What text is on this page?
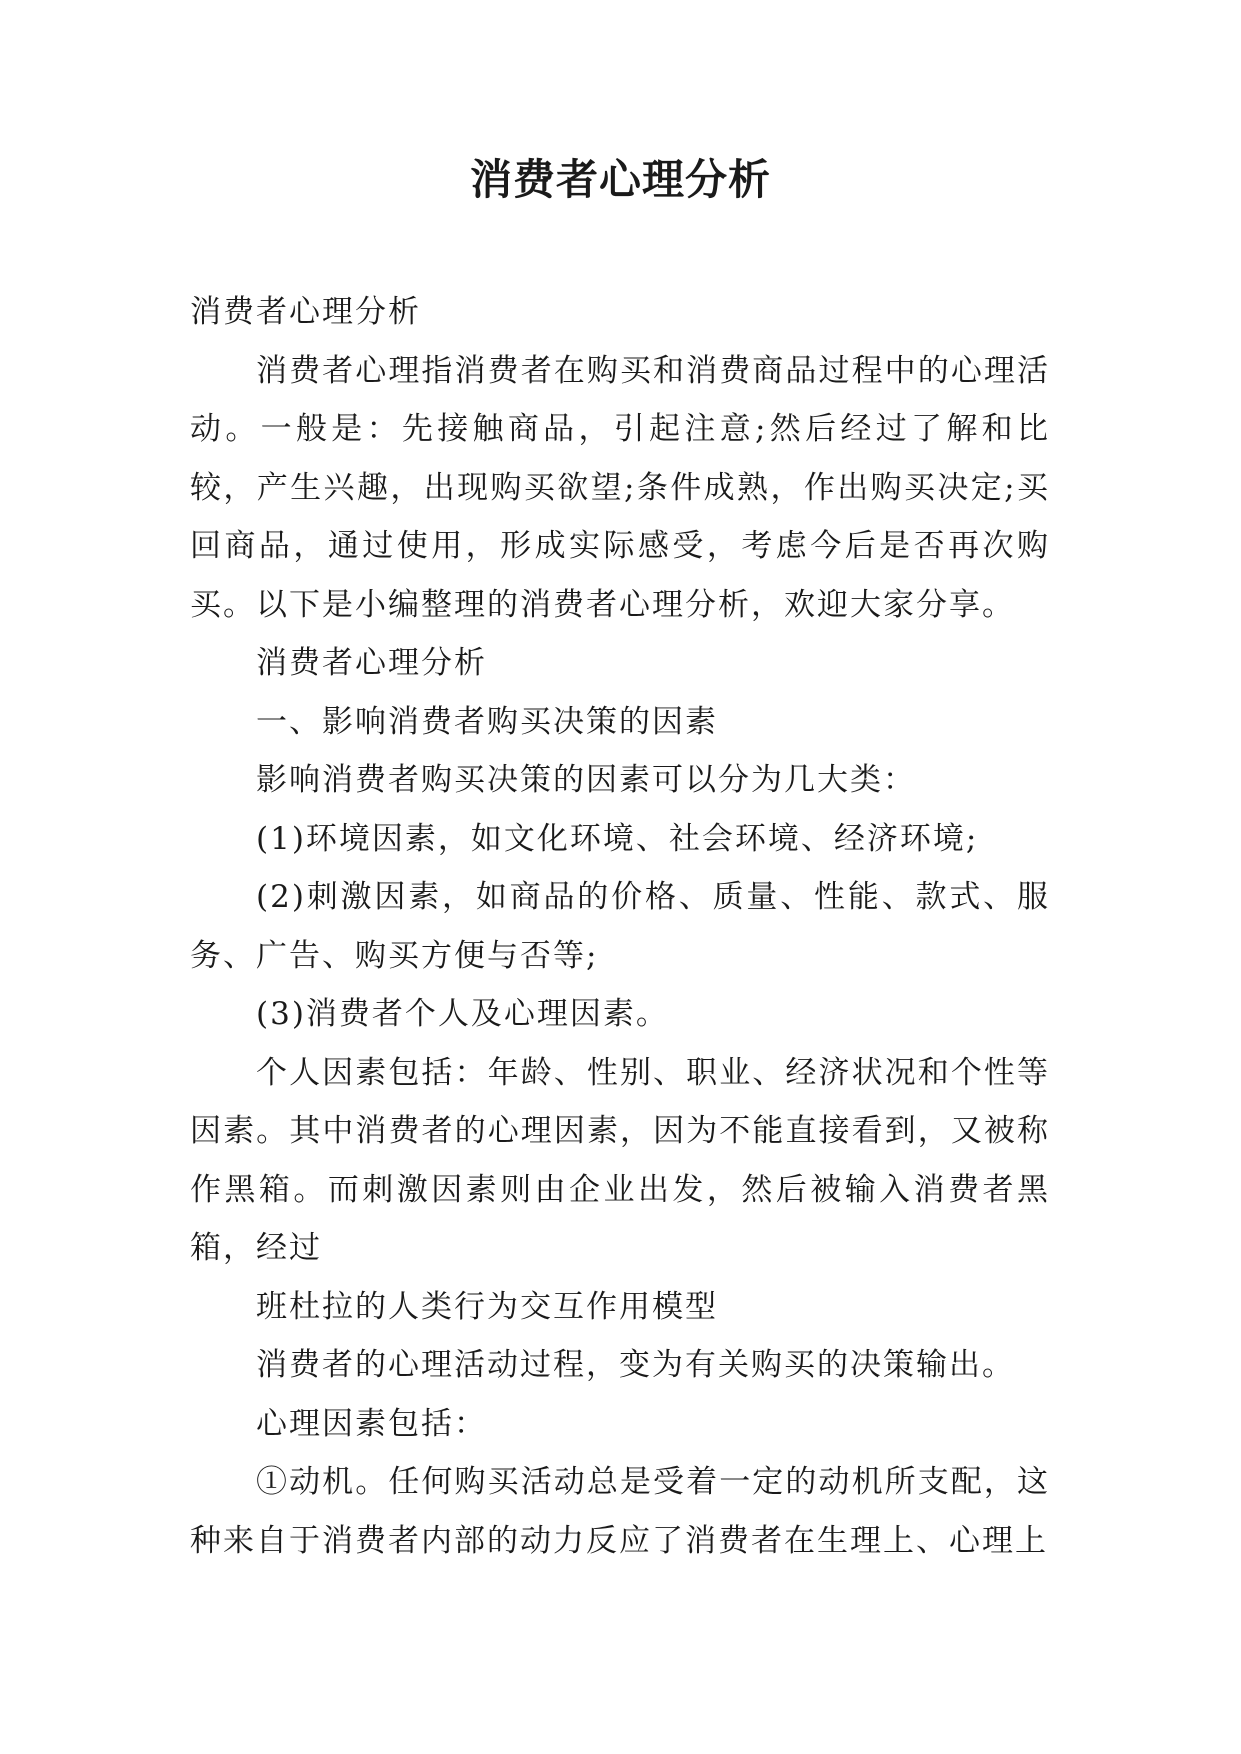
消费者心理分析

消费者心理分析

消费者心理指消费者在购买和消费商品过程中的心理活动。一般是：先接触商品，引起注意;然后经过了解和比较，产生兴趣，出现购买欲望;条件成熟，作出购买决定;买回商品，通过使用，形成实际感受，考虑今后是否再次购买。以下是小编整理的消费者心理分析，欢迎大家分享。

消费者心理分析

一、影响消费者购买决策的因素

影响消费者购买决策的因素可以分为几大类：

(1)环境因素，如文化环境、社会环境、经济环境;

(2)刺激因素，如商品的价格、质量、性能、款式、服务、广告、购买方便与否等;

(3)消费者个人及心理因素。

个人因素包括：年龄、性别、职业、经济状况和个性等因素。其中消费者的心理因素，因为不能直接看到，又被称作黑箱。而刺激因素则由企业出发，然后被输入消费者黑箱，经过

班杜拉的人类行为交互作用模型

消费者的心理活动过程，变为有关购买的决策输出。

心理因素包括：

①动机。任何购买活动总是受着一定的动机所支配，这种来自于消费者内部的动力反应了消费者在生理上、心理上
